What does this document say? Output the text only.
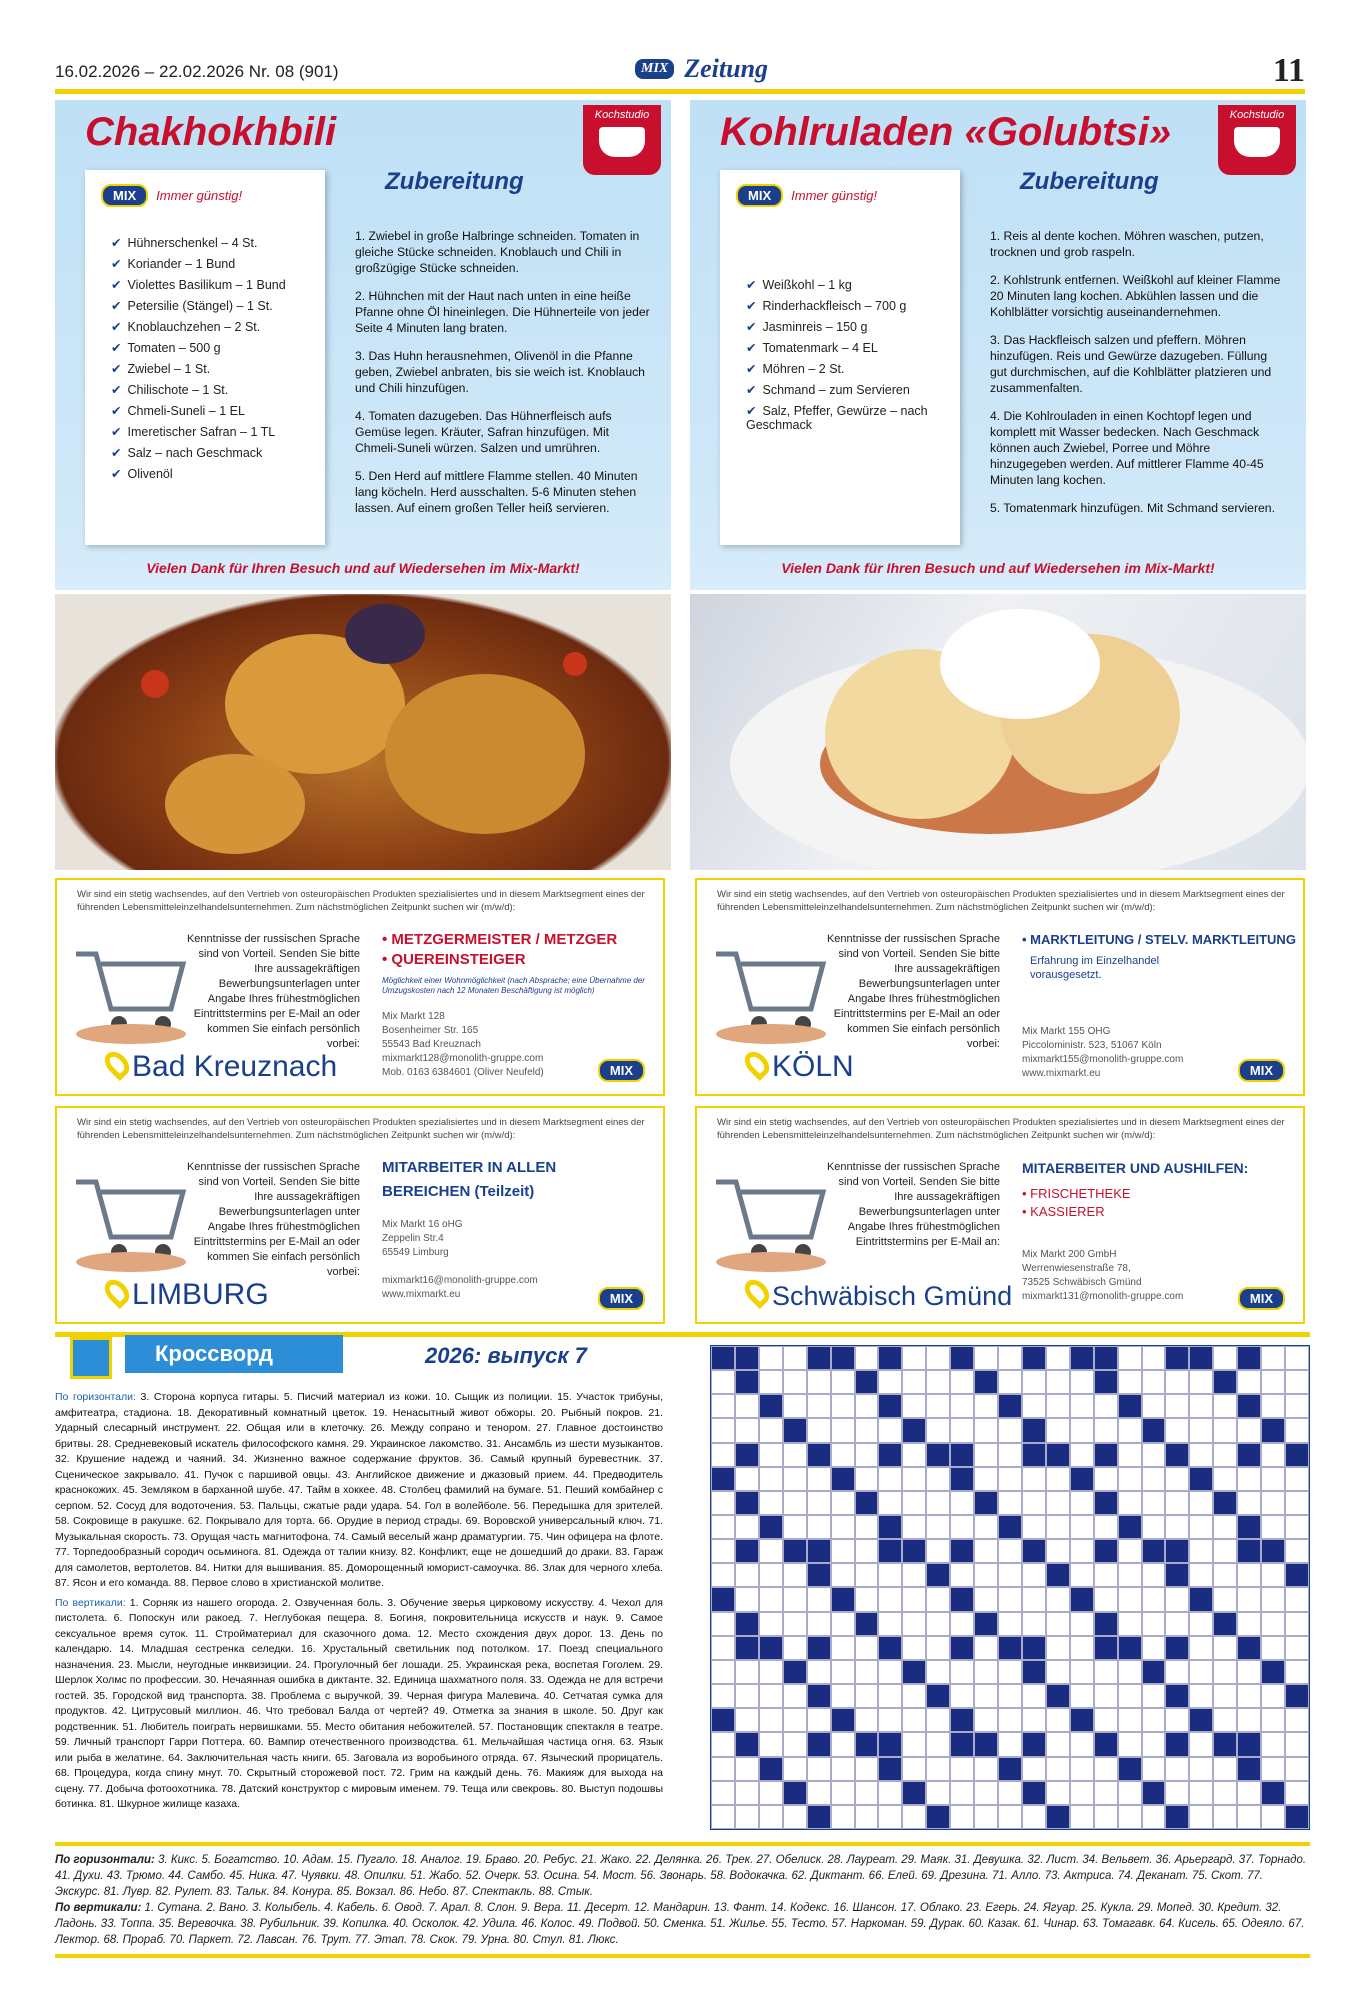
16.02.2026 – 22.02.2026 Nr. 08 (901)	MIX Zeitung	11
Chakhokhbili	Kochstudio
MIX Immer günstig!
✔ Hühnerschenkel – 4 St.
✔ Koriander – 1 Bund
✔ Violettes Basilikum – 1 Bund
✔ Petersilie (Stängel) – 1 St.
✔ Knoblauchzehen – 2 St.
✔ Tomaten – 500 g
✔ Zwiebel – 1 St.
✔ Chilischote – 1 St.
✔ Chmeli-Suneli – 1 EL
✔ Imeretischer Safran – 1 TL
✔ Salz – nach Geschmack
✔ Olivenöl
Zubereitung

1. Zwiebel in große Halbringe schneiden. Tomaten in gleiche Stücke schneiden. Knoblauch und Chili in großzügige Stücke schneiden.

2. Hühnchen mit der Haut nach unten in eine heiße Pfanne ohne Öl hineinlegen. Die Hühnerteile von jeder Seite 4 Minuten lang braten.

3. Das Huhn herausnehmen, Olivenöl in die Pfanne geben, Zwiebel anbraten, bis sie weich ist. Knoblauch und Chili hinzufügen.

4. Tomaten dazugeben. Das Hühnerfleisch aufs Gemüse legen. Kräuter, Safran hinzufügen. Mit Chmeli-Suneli würzen. Salzen und umrühren.

5. Den Herd auf mittlere Flamme stellen. 40 Minuten lang köcheln. Herd ausschalten. 5-6 Minuten stehen lassen. Auf einem großen Teller heiß servieren.

Vielen Dank für Ihren Besuch und auf Wiedersehen im Mix-Markt!
Kohlruladen «Golubtsi»	Kochstudio
MIX Immer günstig!
✔ Weißkohl – 1 kg
✔ Rinderhackfleisch – 700 g
✔ Jasminreis – 150 g
✔ Tomatenmark – 4 EL
✔ Möhren – 2 St.
✔ Schmand – zum Servieren
✔ Salz, Pfeffer, Gewürze – nach Geschmack
Zubereitung

1. Reis al dente kochen. Möhren waschen, putzen, trocknen und grob raspeln.

2. Kohlstrunk entfernen. Weißkohl auf kleiner Flamme 20 Minuten lang kochen. Abkühlen lassen und die Kohlblätter vorsichtig auseinandernehmen.

3. Das Hackfleisch salzen und pfeffern. Möhren hinzufügen. Reis und Gewürze dazugeben. Füllung gut durchmischen, auf die Kohlblätter platzieren und zusammenfalten.

4. Die Kohlrouladen in einen Kochtopf legen und komplett mit Wasser bedecken. Nach Geschmack können auch Zwiebel, Porree und Möhre hinzugegeben werden. Auf mittlerer Flamme 40-45 Minuten lang kochen.

5. Tomatenmark hinzufügen. Mit Schmand servieren.

Vielen Dank für Ihren Besuch und auf Wiedersehen im Mix-Markt!
Wir sind ein stetig wachsendes, auf den Vertrieb von osteuropäischen Produkten spezialisiertes und in diesem Marktsegment eines der führenden Lebensmitteleinzelhandelsunternehmen. Zum nächstmöglichen Zeitpunkt suchen wir (m/w/d):
Kenntnisse der russischen Sprache sind von Vorteil. Senden Sie bitte Ihre aussagekräftigen Bewerbungsunterlagen unter Angabe Ihres frühestmöglichen Eintrittstermins per E-Mail an oder kommen Sie einfach persönlich vorbei:
• METZGERMEISTER / METZGER
• QUEREINSTEIGER
Möglichkeit einer Wohnmöglichkeit (nach Absprache; eine Übernahme der Umzugskosten nach 12 Monaten Beschäftigung ist möglich)
Mix Markt 128
Bosenheimer Str. 165
55543 Bad Kreuznach
mixmarkt128@monolith-gruppe.com
Mob. 0163 6384601 (Oliver Neufeld)
Bad Kreuznach	MIX
Wir sind ein stetig wachsendes, auf den Vertrieb von osteuropäischen Produkten spezialisiertes und in diesem Marktsegment eines der führenden Lebensmitteleinzelhandelsunternehmen. Zum nächstmöglichen Zeitpunkt suchen wir (m/w/d):
Kenntnisse der russischen Sprache sind von Vorteil. Senden Sie bitte Ihre aussagekräftigen Bewerbungsunterlagen unter Angabe Ihres frühestmöglichen Eintrittstermins per E-Mail an oder kommen Sie einfach persönlich vorbei:
• MARKTLEITUNG / STELV. MARKTLEITUNG
Erfahrung im Einzelhandel vorausgesetzt.
Mix Markt 155 OHG
Piccoloministr. 523, 51067 Köln
mixmarkt155@monolith-gruppe.com
www.mixmarkt.eu
KÖLN	MIX
Wir sind ein stetig wachsendes, auf den Vertrieb von osteuropäischen Produkten spezialisiertes und in diesem Marktsegment eines der führenden Lebensmitteleinzelhandelsunternehmen. Zum nächstmöglichen Zeitpunkt suchen wir (m/w/d):
Kenntnisse der russischen Sprache sind von Vorteil. Senden Sie bitte Ihre aussagekräftigen Bewerbungsunterlagen unter Angabe Ihres frühestmöglichen Eintrittstermins per E-Mail an oder kommen Sie einfach persönlich vorbei:
MITARBEITER IN ALLEN
BEREICHEN (Teilzeit)
Mix Markt 16 oHG
Zeppelin Str.4
65549 Limburg
mixmarkt16@monolith-gruppe.com
www.mixmarkt.eu
LIMBURG	MIX
Wir sind ein stetig wachsendes, auf den Vertrieb von osteuropäischen Produkten spezialisiertes und in diesem Marktsegment eines der führenden Lebensmitteleinzelhandelsunternehmen. Zum nächstmöglichen Zeitpunkt suchen wir (m/w/d):
Kenntnisse der russischen Sprache sind von Vorteil. Senden Sie bitte Ihre aussagekräftigen Bewerbungsunterlagen unter Angabe Ihres frühestmöglichen Eintrittstermins per E-Mail an:
MITAERBEITER UND AUSHILFEN:
• FRISCHETHEKE
• KASSIERER
Mix Markt 200 GmbH
Werrenwiesenstraße 78,
73525 Schwäbisch Gmünd
mixmarkt131@monolith-gruppe.com
Schwäbisch Gmünd	MIX
Кроссворд	2026: выпуск 7

По горизонтали: 3. Сторона корпуса гитары. 5. Писчий материал из кожи. 10. Сыщик из полиции. 15. Участок трибуны, амфитеатра, стадиона. 18. Декоративный комнатный цветок. 19. Ненасытный живот обжоры. 20. Рыбный покров. 21. Ударный слесарный инструмент. 22. Общая или в клеточку. 26. Между сопрано и тенором. 27. Главное достоинство бритвы. 28. Средневековый искатель философского камня. 29. Украинское лакомство. 31. Ансамбль из шести музыкантов. 32. Крушение надежд и чаяний. 34. Жизненно важное содержание фруктов. 36. Самый крупный буревестник. 37. Сценическое закрывало. 41. Пучок с паршивой овцы. 43. Английское движение и джазовый прием. 44. Предводитель краснокожих. 45. Земляком в барханной шубе. 47. Тайм в хоккее. 48. Столбец фамилий на бумаге. 51. Пеший комбайнер с серпом. 52. Сосуд для водоточения. 53. Пальцы, сжатые ради удара. 54. Гол в волейболе. 56. Передышка для зрителей. 58. Сокровище в ракушке. 62. Покрывало для торта. 66. Орудие в период страды. 69. Воровской универсальный ключ. 71. Музыкальная скорость. 73. Орущая часть магнитофона. 74. Самый веселый жанр драматургии. 75. Чин офицера на флоте. 77. Торпедообразный сородич осьминога. 81. Одежда от талии книзу. 82. Конфликт, еще не дошедший до драки. 83. Гараж для самолетов, вертолетов. 84. Нитки для вышивания. 85. Доморощенный юморист-самоучка. 86. Злак для черного хлеба. 87. Ясон и его команда. 88. Первое слово в христианской молитве.

По вертикали: 1. Сорняк из нашего огорода. 2. Озвученная боль. 3. Обучение зверья цирковому искусству. 4. Чехол для пистолета. 6. Попоскун или ракоед. 7. Неглубокая пещера. 8. Богиня, покровительница искусств и наук. 9. Самое сексуальное время суток. 11. Стройматериал для сказочного дома. 12. Место схождения двух дорог. 13. День по календарю. 14. Младшая сестренка селедки. 16. Хрустальный светильник под потолком. 17. Поезд специального назначения. 23. Мысли, неугодные инквизиции. 24. Прогулочный бег лошади. 25. Украинская река, воспетая Гоголем. 29. Шерлок Холмс по профессии. 30. Нечаянная ошибка в диктанте. 32. Единица шахматного поля. 33. Одежда не для встречи гостей. 35. Городской вид транспорта. 38. Проблема с выручкой. 39. Черная фигура Малевича. 40. Сетчатая сумка для продуктов. 42. Цитрусовый миллион. 46. Что требовал Балда от чертей? 49. Отметка за знания в школе. 50. Друг как родственник. 51. Любитель поиграть нервишками. 55. Место обитания небожителей. 57. Постановщик спектакля в театре. 59. Личный транспорт Гарри Поттера. 60. Вампир отечественного производства. 61. Мельчайшая частица огня. 63. Язык или рыба в желатине. 64. Заключительная часть книги. 65. Заговала из воробьиного отряда. 67. Языческий прорицатель. 68. Процедура, когда спину мнут. 70. Скрытный сторожевой пост. 72. Грим на каждый день. 76. Макияж для выхода на сцену. 77. Добыча фотоохотника. 78. Датский конструктор с мировым именем. 79. Теща или свекровь. 80. Выступ подошвы ботинка. 81. Шкурное жилище казаха.

По горизонтали: 3. Кикс. 5. Богатство. 10. Адам. 15. Пугало. 18. Аналог. 19. Браво. 20. Ребус. 21. Жако. 22. Делянка. 26. Трек. 27. Обелиск. 28. Лауреат. 29. Маяк. 31. Девушка. 32. Лист. 34. Вельвет. 36. Арьергард. 37. Торнадо. 41. Духи. 43. Трюмо. 44. Самбо. 45. Ника. 47. Чуявки. 48. Опилки. 51. Жабо. 52. Очерк. 53. Осина. 54. Мост. 56. Звонарь. 58. Водокачка. 62. Диктант. 66. Елей. 69. Дрезина. 71. Алло. 73. Актриса. 74. Деканат. 75. Скот. 77. Экскурс. 81. Лувр. 82. Рулет. 83. Тальк. 84. Конура. 85. Вокзал. 86. Небо. 87. Спектакль. 88. Стык.

По вертикали: 1. Сутана. 2. Вано. 3. Колыбель. 4. Кабель. 6. Овод. 7. Арал. 8. Слон. 9. Вера. 11. Десерт. 12. Мандарин. 13. Фант. 14. Кодекс. 16. Шансон. 17. Облако. 23. Егерь. 24. Ягуар. 25. Кукла. 29. Мопед. 30. Кредит. 32. Ладонь. 33. Топпа. 35. Веревочка. 38. Рубильник. 39. Копилка. 40. Осколок. 42. Удила. 46. Колос. 49. Подвой. 50. Сменка. 51. Жилье. 55. Тесто. 57. Наркоман. 59. Дурак. 60. Казак. 61. Чинар. 63. Томагавк. 64. Кисель. 65. Одеяло. 67. Лектор. 68. Прораб. 70. Паркет. 72. Лавсан. 76. Трут. 77. Этап. 78. Скок. 79. Урна. 80. Стул. 81. Люкс.
